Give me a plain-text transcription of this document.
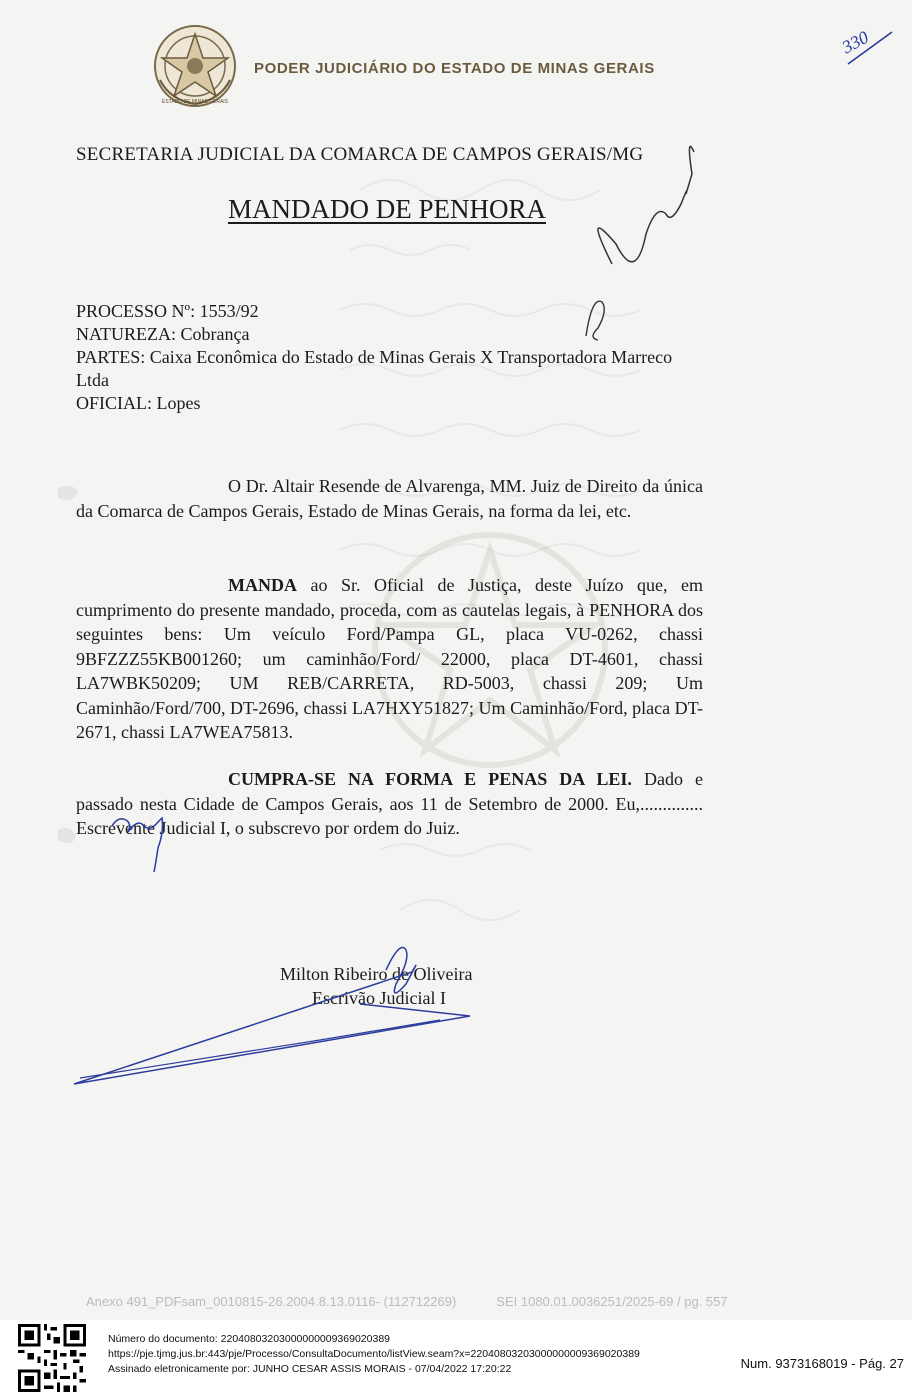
ESTADO DE MINAS GERAIS
PODER JUDICIÁRIO DO ESTADO DE MINAS GERAIS
330
SECRETARIA JUDICIAL DA COMARCA DE CAMPOS GERAIS/MG
MANDADO DE PENHORA
PROCESSO Nº: 1553/92
NATUREZA: Cobrança
PARTES: Caixa Econômica do Estado de Minas Gerais X Transportadora Marreco Ltda
OFICIAL: Lopes
O Dr. Altair Resende de Alvarenga, MM. Juiz de Direito da única da Comarca de Campos Gerais, Estado de Minas Gerais, na forma da lei, etc.
MANDA ao Sr. Oficial de Justiça, deste Juízo que, em cumprimento do presente mandado, proceda, com as cautelas legais, à PENHORA dos seguintes bens: Um veículo Ford/Pampa GL, placa VU-0262, chassi 9BFZZZ55KB001260; um caminhão/Ford/ 22000, placa DT-4601, chassi LA7WBK50209; UM REB/CARRETA, RD-5003, chassi 209; Um Caminhão/Ford/700, DT-2696, chassi LA7HXY51827; Um Caminhão/Ford, placa DT- 2671, chassi LA7WEA75813.
CUMPRA-SE NA FORMA E PENAS DA LEI. Dado e passado nesta Cidade de Campos Gerais, aos 11 de Setembro de 2000. Eu,.............. Escrevente Judicial I, o subscrevo por ordem do Juiz.
Milton Ribeiro de Oliveira
Escrivão Judicial I
Anexo 491_PDFsam_0010815-26.2004.8.13.0116- (112712269)	SEI 1080.01.0036251/2025-69 / pg. 557
Número do documento: 22040803203000000009369020389
https://pje.tjmg.jus.br:443/pje/Processo/ConsultaDocumento/listView.seam?x=22040803203000000009369020389
Assinado eletronicamente por: JUNHO CESAR ASSIS MORAIS - 07/04/2022 17:20:22	Num. 9373168019 - Pág. 27
